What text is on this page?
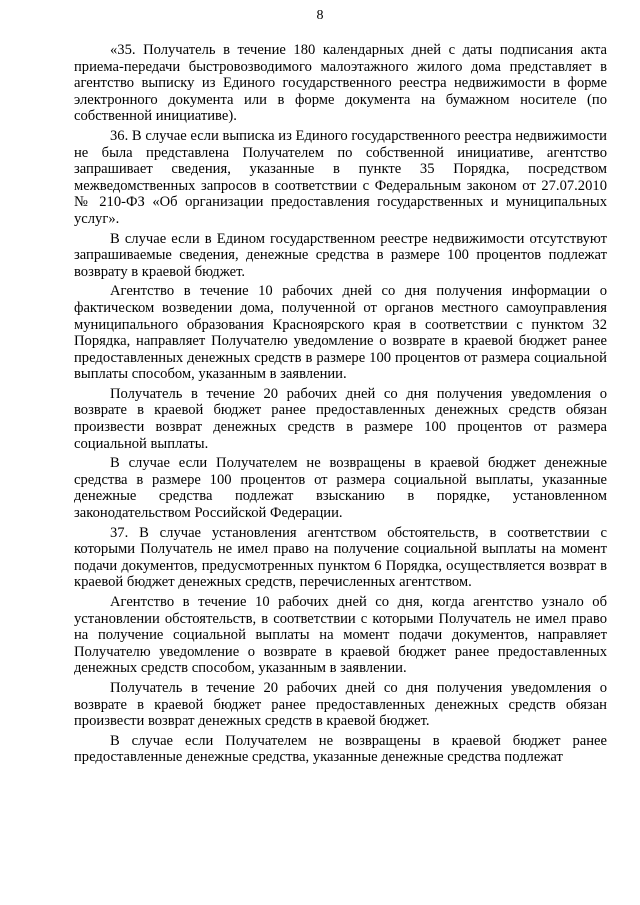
8

«35. Получатель в течение 180 календарных дней с даты подписания акта приема-передачи быстровозводимого малоэтажного жилого дома представляет в агентство выписку из Единого государственного реестра недвижимости в форме электронного документа или в форме документа на бумажном носителе (по собственной инициативе).

36. В случае если выписка из Единого государственного реестра недвижимости не была представлена Получателем по собственной инициативе, агентство запрашивает сведения, указанные в пункте 35 Порядка, посредством межведомственных запросов в соответствии с Федеральным законом от 27.07.2010 № 210-ФЗ «Об организации предоставления государственных и муниципальных услуг».

В случае если в Едином государственном реестре недвижимости отсутствуют запрашиваемые сведения, денежные средства в размере 100 процентов подлежат возврату в краевой бюджет.

Агентство в течение 10 рабочих дней со дня получения информации о фактическом возведении дома, полученной от органов местного самоуправления муниципального образования Красноярского края в соответствии с пунктом 32 Порядка, направляет Получателю уведомление о возврате в краевой бюджет ранее предоставленных денежных средств в размере 100 процентов от размера социальной выплаты способом, указанным в заявлении.

Получатель в течение 20 рабочих дней со дня получения уведомления о возврате в краевой бюджет ранее предоставленных денежных средств обязан произвести возврат денежных средств в размере 100 процентов от размера социальной выплаты.

В случае если Получателем не возвращены в краевой бюджет денежные средства в размере 100 процентов от размера социальной выплаты, указанные денежные средства подлежат взысканию в порядке, установленном законодательством Российской Федерации.

37. В случае установления агентством обстоятельств, в соответствии с которыми Получатель не имел право на получение социальной выплаты на момент подачи документов, предусмотренных пунктом 6 Порядка, осуществляется возврат в краевой бюджет денежных средств, перечисленных агентством.

Агентство в течение 10 рабочих дней со дня, когда агентство узнало об установлении обстоятельств, в соответствии с которыми Получатель не имел право на получение социальной выплаты на момент подачи документов, направляет Получателю уведомление о возврате в краевой бюджет ранее предоставленных денежных средств способом, указанным в заявлении.

Получатель в течение 20 рабочих дней со дня получения уведомления о возврате в краевой бюджет ранее предоставленных денежных средств обязан произвести возврат денежных средств в краевой бюджет.

В случае если Получателем не возвращены в краевой бюджет ранее предоставленные денежные средства, указанные денежные средства подлежат
